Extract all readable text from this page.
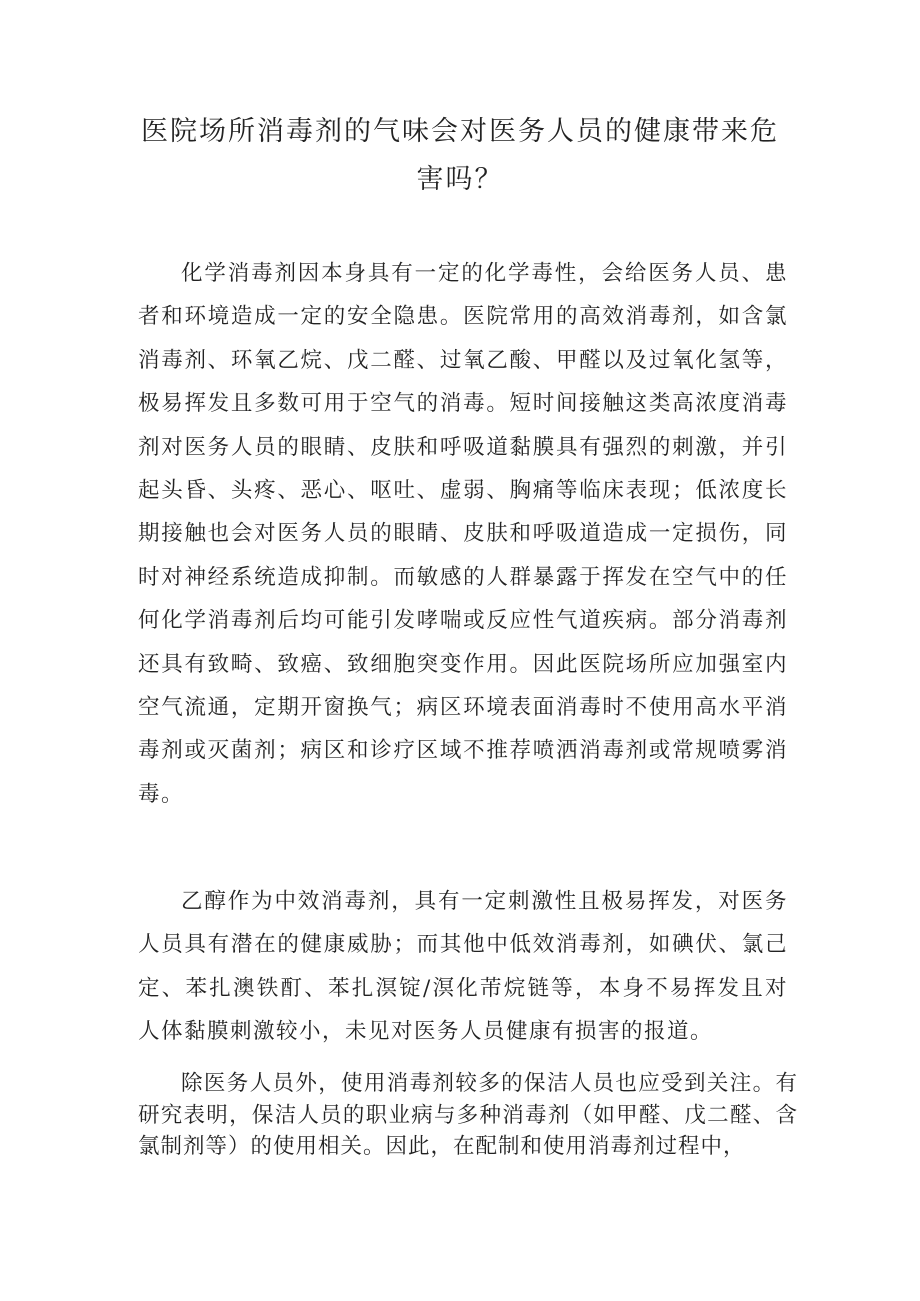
医院场所消毒剂的气味会对医务人员的健康带来危害吗？

化学消毒剂因本身具有一定的化学毒性，会给医务人员、患者和环境造成一定的安全隐患。医院常用的高效消毒剂，如含氯消毒剂、环氧乙烷、戊二醛、过氧乙酸、甲醛以及过氧化氢等，极易挥发且多数可用于空气的消毒。短时间接触这类高浓度消毒剂对医务人员的眼睛、皮肤和呼吸道黏膜具有强烈的刺激，并引起头昏、头疼、恶心、呕吐、虚弱、胸痛等临床表现；低浓度长期接触也会对医务人员的眼睛、皮肤和呼吸道造成一定损伤，同时对神经系统造成抑制。而敏感的人群暴露于挥发在空气中的任何化学消毒剂后均可能引发哮喘或反应性气道疾病。部分消毒剂还具有致畸、致癌、致细胞突变作用。因此医院场所应加强室内空气流通，定期开窗换气；病区环境表面消毒时不使用高水平消毒剂或灭菌剂；病区和诊疗区域不推荐喷洒消毒剂或常规喷雾消毒。

乙醇作为中效消毒剂，具有一定刺激性且极易挥发，对医务人员具有潜在的健康威胁；而其他中低效消毒剂，如碘伏、氯己定、苯扎澳铁酊、苯扎溟锭/溟化芾烷链等，本身不易挥发且对人体黏膜刺激较小，未见对医务人员健康有损害的报道。

除医务人员外，使用消毒剂较多的保洁人员也应受到关注。有研究表明，保洁人员的职业病与多种消毒剂（如甲醛、戊二醛、含氯制剂等）的使用相关。因此，在配制和使用消毒剂过程中，
